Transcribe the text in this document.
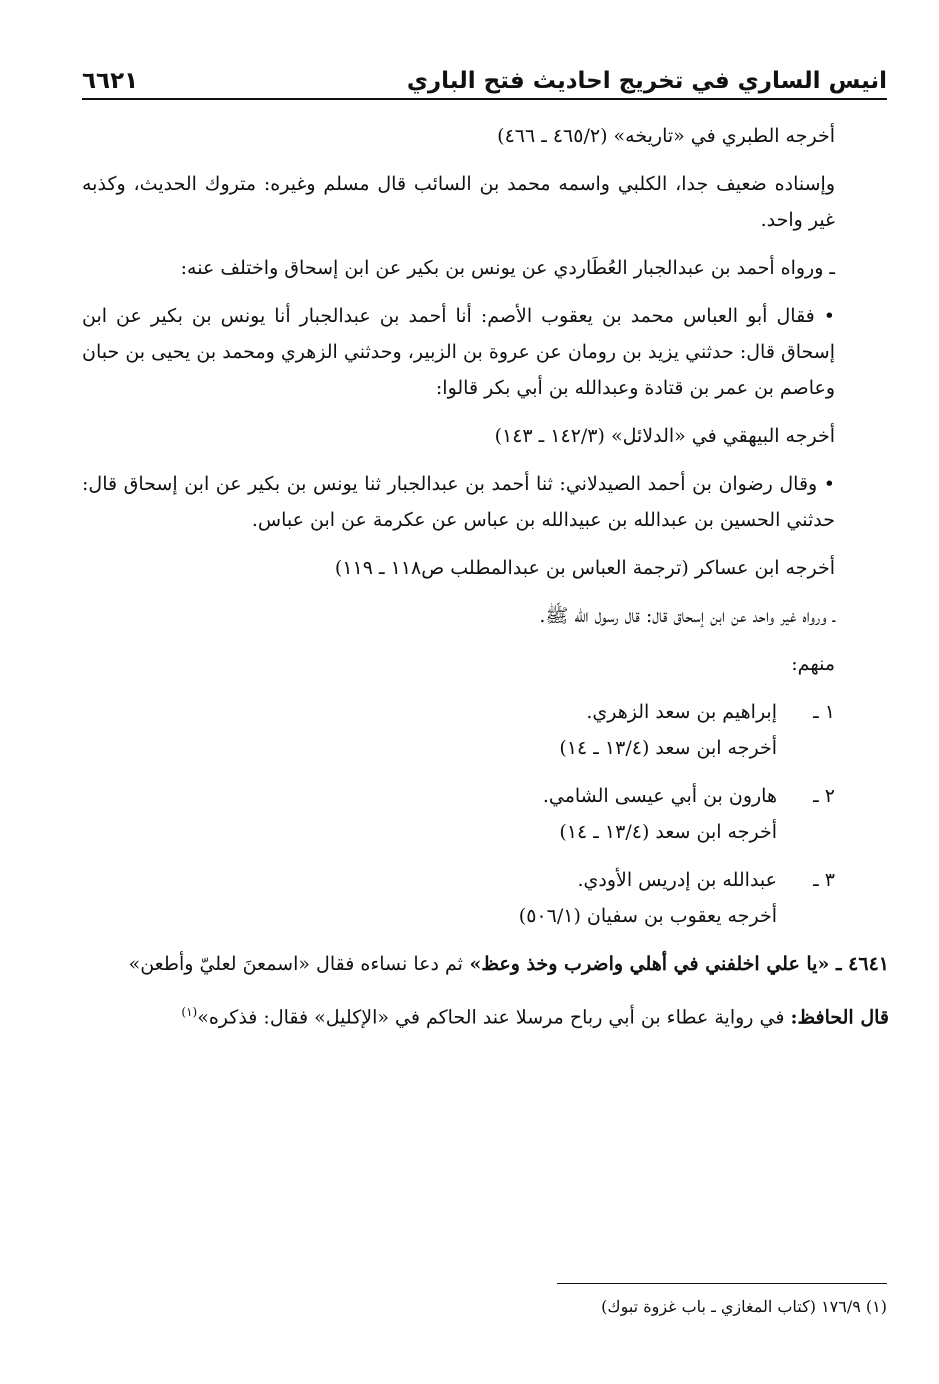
انيس الساري في تخريج احاديث فتح الباري
٦٦٢١

أخرجه الطبري في «تاريخه» (٤٦٥/٢ ـ ٤٦٦)

وإسناده ضعيف جدا، الكلبي واسمه محمد بن السائب قال مسلم وغيره: متروك الحديث، وكذبه غير واحد.

ـ ورواه أحمد بن عبدالجبار العُطَاردي عن يونس بن بكير عن ابن إسحاق واختلف عنه:

• فقال أبو العباس محمد بن يعقوب الأصم: أنا أحمد بن عبدالجبار أنا يونس بن بكير عن ابن إسحاق قال: حدثني يزيد بن رومان عن عروة بن الزبير، وحدثني الزهري ومحمد بن يحيى بن حبان وعاصم بن عمر بن قتادة وعبدالله بن أبي بكر قالوا:

أخرجه البيهقي في «الدلائل» (١٤٢/٣ ـ ١٤٣)

• وقال رضوان بن أحمد الصيدلاني: ثنا أحمد بن عبدالجبار ثنا يونس بن بكير عن ابن إسحاق قال: حدثني الحسين بن عبدالله بن عبيدالله بن عباس عن عكرمة عن ابن عباس.

أخرجه ابن عساكر (ترجمة العباس بن عبدالمطلب ص١١٨ ـ ١١٩)

ـ ورواه غير واحد عن ابن إسحاق قال: قال رسول الله ﷺ.

منهم:

١ ـإبراهيم بن سعد الزهري.

أخرجه ابن سعد (١٣/٤ ـ ١٤)

٢ ـهارون بن أبي عيسى الشامي.

أخرجه ابن سعد (١٣/٤ ـ ١٤)

٣ ـعبدالله بن إدريس الأودي.

أخرجه يعقوب بن سفيان (٥٠٦/١)

٤٦٤١ ـ «يا علي اخلفني في أهلي واضرب وخذ وعظ» ثم دعا نساءه فقال «اسمعنَ لعليّ وأطعن»

قال الحافظ: في رواية عطاء بن أبي رباح مرسلا عند الحاكم في «الإكليل» فقال: فذكره»$^{(١)}$

(١) ١٧٦/٩ (كتاب المغازي ـ باب غزوة تبوك)
